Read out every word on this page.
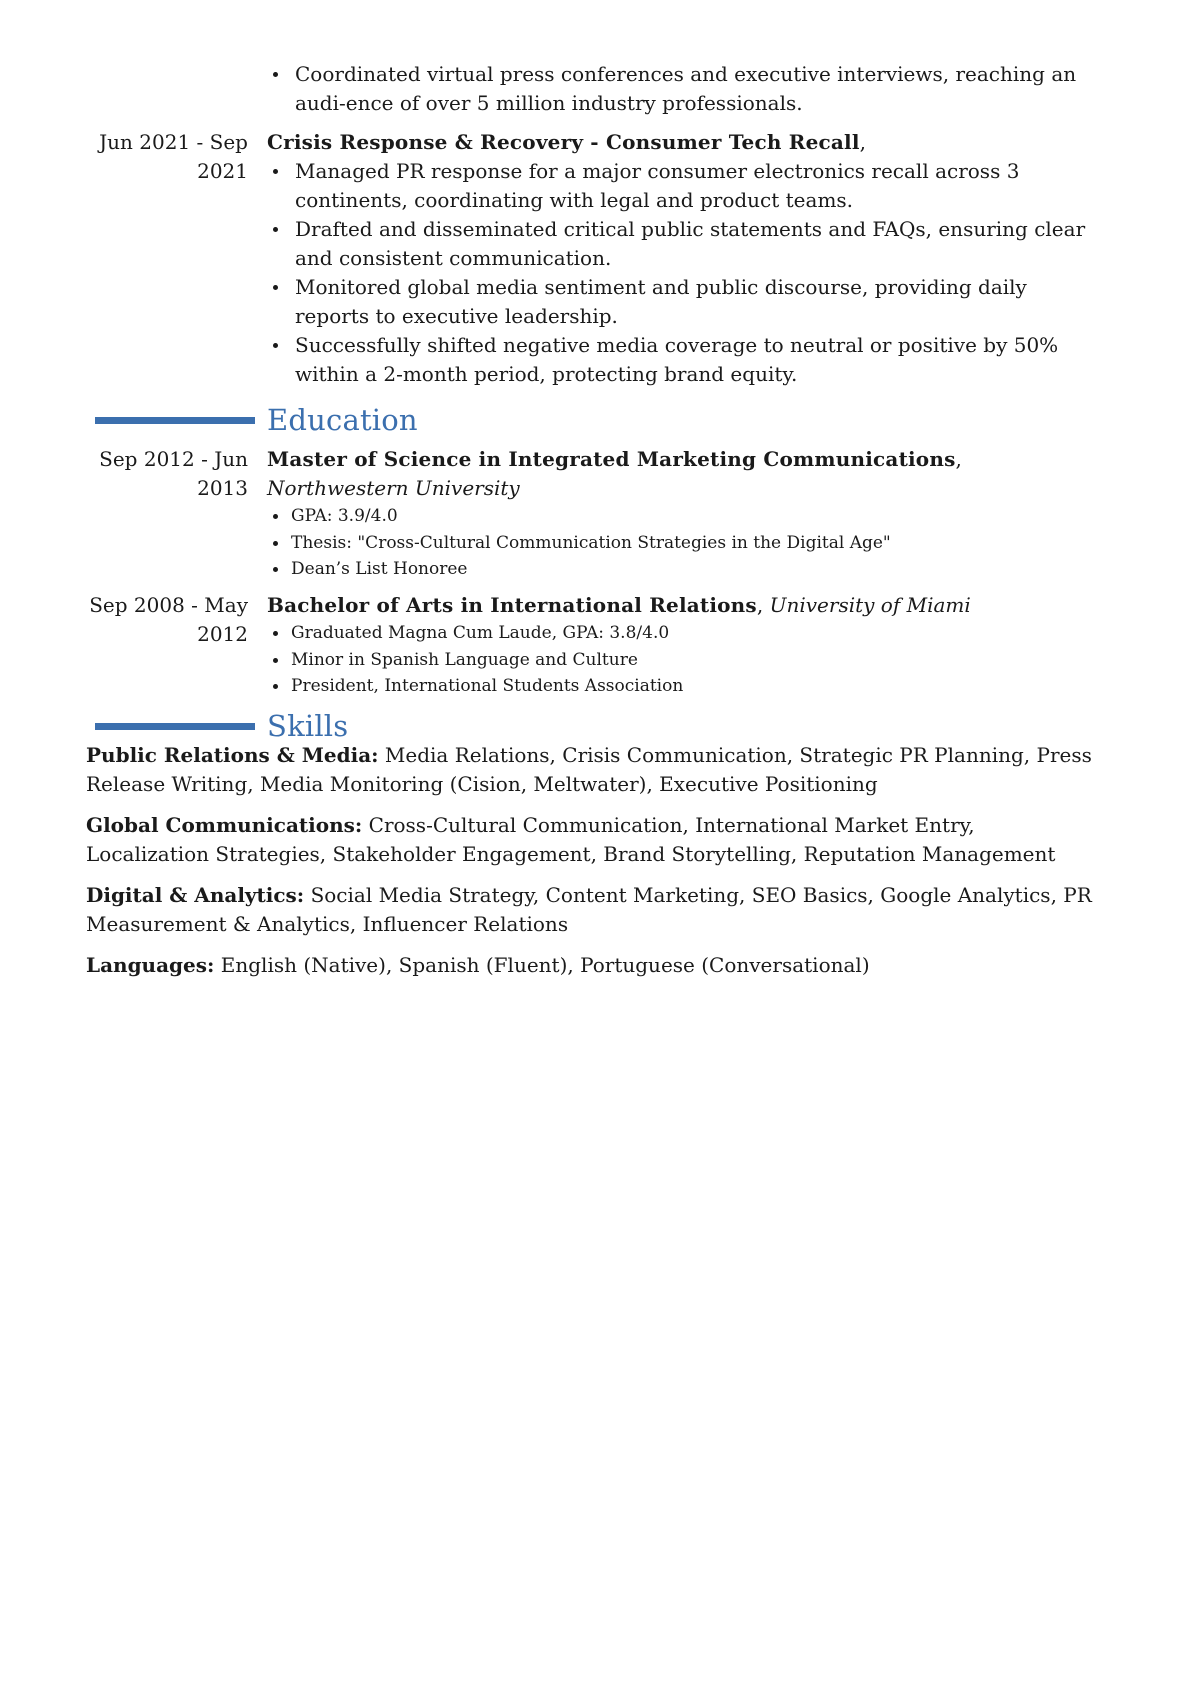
Coordinated virtual press conferences and executive interviews, reaching an audi-ence of over 5 million industry professionals.
Jun 2021 - Sep 2021
Crisis Response & Recovery - Consumer Tech Recall,
Managed PR response for a major consumer electronics recall across 3 continents, coordinating with legal and product teams.
Drafted and disseminated critical public statements and FAQs, ensuring clear and consistent communication.
Monitored global media sentiment and public discourse, providing daily reports to executive leadership.
Successfully shifted negative media coverage to neutral or positive by 50% within a 2-month period, protecting brand equity.
Education
Sep 2012 - Jun 2013
Master of Science in Integrated Marketing Communications, Northwestern University
GPA: 3.9/4.0
Thesis: "Cross-Cultural Communication Strategies in the Digital Age"
Dean’s List Honoree
Sep 2008 - May 2012
Bachelor of Arts in International Relations, University of Miami
Graduated Magna Cum Laude, GPA: 3.8/4.0
Minor in Spanish Language and Culture
President, International Students Association
Skills
Public Relations & Media: Media Relations, Crisis Communication, Strategic PR Planning, Press Release Writing, Media Monitoring (Cision, Meltwater), Executive Positioning
Global Communications: Cross-Cultural Communication, International Market Entry, Localization Strategies, Stakeholder Engagement, Brand Storytelling, Reputation Management
Digital & Analytics: Social Media Strategy, Content Marketing, SEO Basics, Google Analytics, PR Measurement & Analytics, Influencer Relations
Languages: English (Native), Spanish (Fluent), Portuguese (Conversational)
